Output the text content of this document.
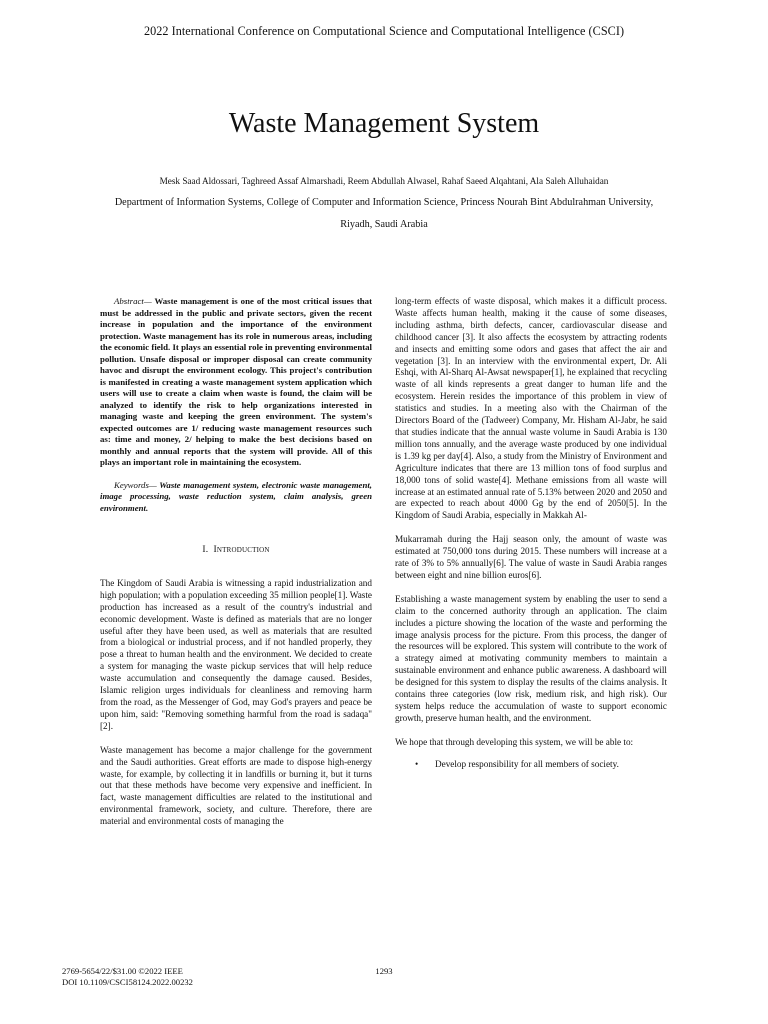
2022 International Conference on Computational Science and Computational Intelligence (CSCI)
Waste Management System
Mesk Saad Aldossari, Taghreed Assaf Almarshadi, Reem Abdullah Alwasel, Rahaf Saeed Alqahtani, Ala Saleh Alluhaidan
Department of Information Systems, College of Computer and Information Science, Princess Nourah Bint Abdulrahman University, Riyadh, Saudi Arabia

Abstract— Waste management is one of the most critical issues that must be addressed in the public and private sectors, given the recent increase in population and the importance of the environment protection. Waste management has its role in numerous areas, including the economic field. It plays an essential role in preventing environmental pollution. Unsafe disposal or improper disposal can create community havoc and disrupt the environment ecology. This project's contribution is manifested in creating a waste management system application which users will use to create a claim when waste is found, the claim will be analyzed to identify the risk to help organizations interested in managing waste and keeping the green environment. The system's expected outcomes are 1/ reducing waste management resources such as: time and money, 2/ helping to make the best decisions based on monthly and annual reports that the system will provide. All of this plays an important role in maintaining the ecosystem.

Keywords— Waste management system, electronic waste management, image processing, waste reduction system, claim analysis, green environment.

I. Introduction

The Kingdom of Saudi Arabia is witnessing a rapid industrialization and high population; with a population exceeding 35 million people[1]. Waste production has increased as a result of the country's industrial and economic development. Waste is defined as materials that are no longer useful after they have been used, as well as materials that are resulted from a biological or industrial process, and if not handled properly, they pose a threat to human health and the environment. We decided to create a system for managing the waste pickup services that will help reduce waste accumulation and consequently the damage caused. Besides, Islamic religion urges individuals for cleanliness and removing harm from the road, as the Messenger of God, may God's prayers and peace be upon him, said: "Removing something harmful from the road is sadaqa"[2].

Waste management has become a major challenge for the government and the Saudi authorities. Great efforts are made to dispose high-energy waste, for example, by collecting it in landfills or burning it, but it turns out that these methods have become very expensive and inefficient. In fact, waste management difficulties are related to the institutional and environmental framework, society, and culture. Therefore, there are material and environmental costs of managing the

long-term effects of waste disposal, which makes it a difficult process. Waste affects human health, making it the cause of some diseases, including asthma, birth defects, cancer, cardiovascular disease and childhood cancer [3]. It also affects the ecosystem by attracting rodents and insects and emitting some odors and gases that affect the air and vegetation [3]. In an interview with the environmental expert, Dr. Ali Eshqi, with Al-Sharq Al-Awsat newspaper[1], he explained that recycling waste of all kinds represents a great danger to human life and the ecosystem. Herein resides the importance of this problem in view of statistics and studies. In a meeting also with the Chairman of the Directors Board of the (Tadweer) Company, Mr. Hisham Al-Jabr, he said that studies indicate that the annual waste volume in Saudi Arabia is 130 million tons annually, and the average waste produced by one individual is 1.39 kg per day[4]. Also, a study from the Ministry of Environment and Agriculture indicates that there are 13 million tons of food surplus and 18,000 tons of solid waste[4]. Methane emissions from all waste will increase at an estimated annual rate of 5.13% between 2020 and 2050 and are expected to reach about 4000 Gg by the end of 2050[5]. In the Kingdom of Saudi Arabia, especially in Makkah Al-

Mukarramah during the Hajj season only, the amount of waste was estimated at 750,000 tons during 2015. These numbers will increase at a rate of 3% to 5% annually[6]. The value of waste in Saudi Arabia ranges between eight and nine billion euros[6].

Establishing a waste management system by enabling the user to send a claim to the concerned authority through an application. The claim includes a picture showing the location of the waste and performing the image analysis process for the picture. From this process, the danger of the resources will be explored. This system will contribute to the work of a strategy aimed at motivating community members to maintain a sustainable environment and enhance public awareness. A dashboard will be designed for this system to display the results of the claims analysis. It contains three categories (low risk, medium risk, and high risk). Our system helps reduce the accumulation of waste to support economic growth, preserve human health, and the environment.

We hope that through developing this system, we will be able to:

• Develop responsibility for all members of society.
2769-5654/22/$31.00 ©2022 IEEE
DOI 10.1109/CSCI58124.2022.00232
1293
